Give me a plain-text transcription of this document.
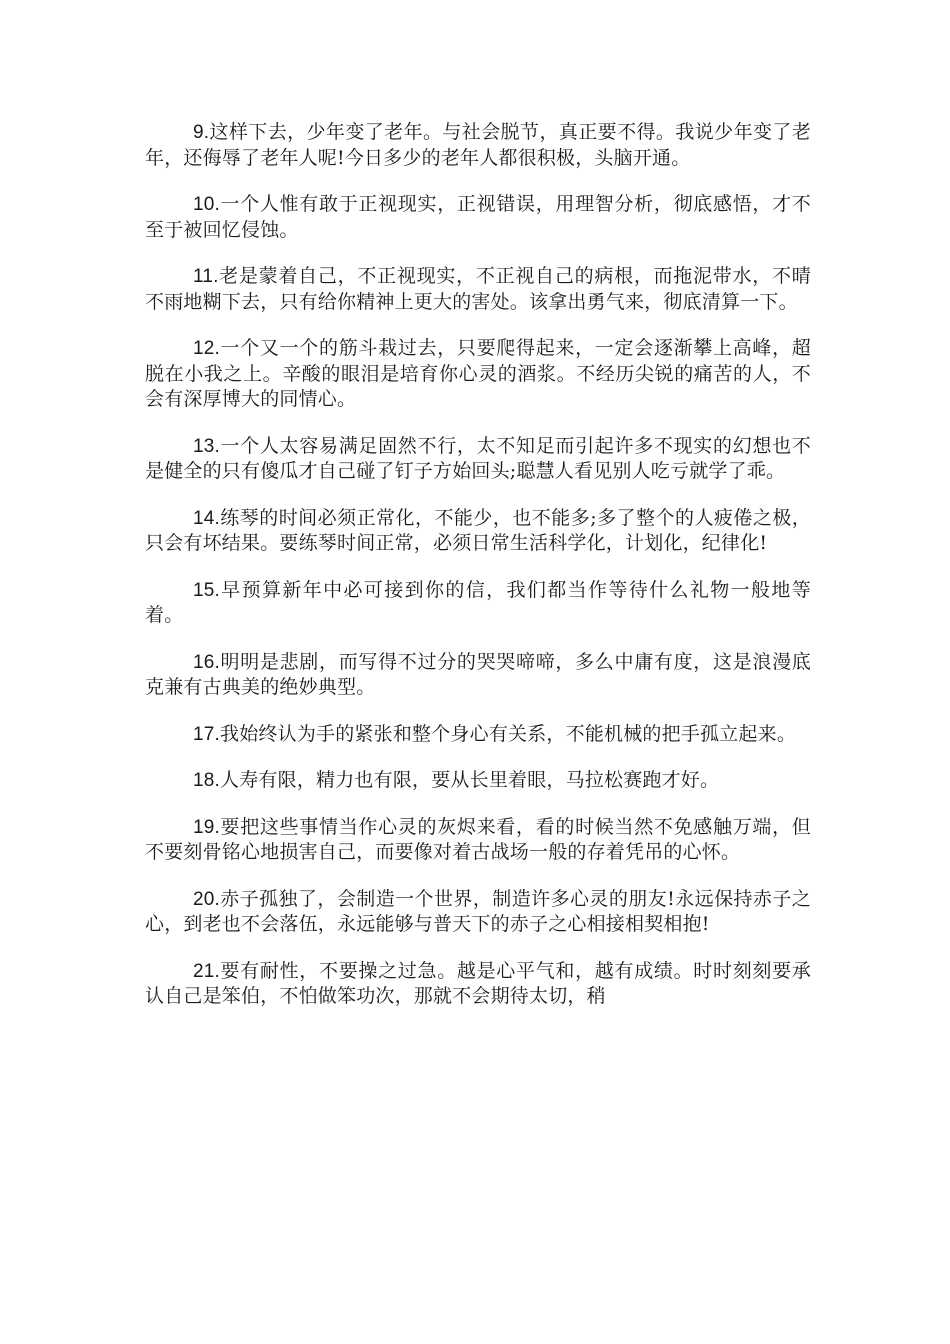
9.这样下去，少年变了老年。与社会脱节，真正要不得。我说少年变了老年，还侮辱了老年人呢!今日多少的老年人都很积极，头脑开通。

10.一个人惟有敢于正视现实，正视错误，用理智分析，彻底感悟，才不至于被回忆侵蚀。

11.老是蒙着自己，不正视现实，不正视自己的病根，而拖泥带水，不晴不雨地糊下去，只有给你精神上更大的害处。该拿出勇气来，彻底清算一下。

12.一个又一个的筋斗栽过去，只要爬得起来，一定会逐渐攀上高峰，超脱在小我之上。辛酸的眼泪是培育你心灵的酒浆。不经历尖锐的痛苦的人，不会有深厚博大的同情心。

13.一个人太容易满足固然不行，太不知足而引起许多不现实的幻想也不是健全的只有傻瓜才自己碰了钉子方始回头;聪慧人看见别人吃亏就学了乖。

14.练琴的时间必须正常化，不能少，也不能多;多了整个的人疲倦之极，只会有坏结果。要练琴时间正常，必须日常生活科学化，计划化，纪律化!

15.早预算新年中必可接到你的信，我们都当作等待什么礼物一般地等着。

16.明明是悲剧，而写得不过分的哭哭啼啼，多么中庸有度，这是浪漫底克兼有古典美的绝妙典型。

17.我始终认为手的紧张和整个身心有关系，不能机械的把手孤立起来。

18.人寿有限，精力也有限，要从长里着眼，马拉松赛跑才好。

19.要把这些事情当作心灵的灰烬来看，看的时候当然不免感触万端，但不要刻骨铭心地损害自己，而要像对着古战场一般的存着凭吊的心怀。

20.赤子孤独了，会制造一个世界，制造许多心灵的朋友!永远保持赤子之心，到老也不会落伍，永远能够与普天下的赤子之心相接相契相抱!

21.要有耐性，不要操之过急。越是心平气和，越有成绩。时时刻刻要承认自己是笨伯，不怕做笨功次，那就不会期待太切，稍
